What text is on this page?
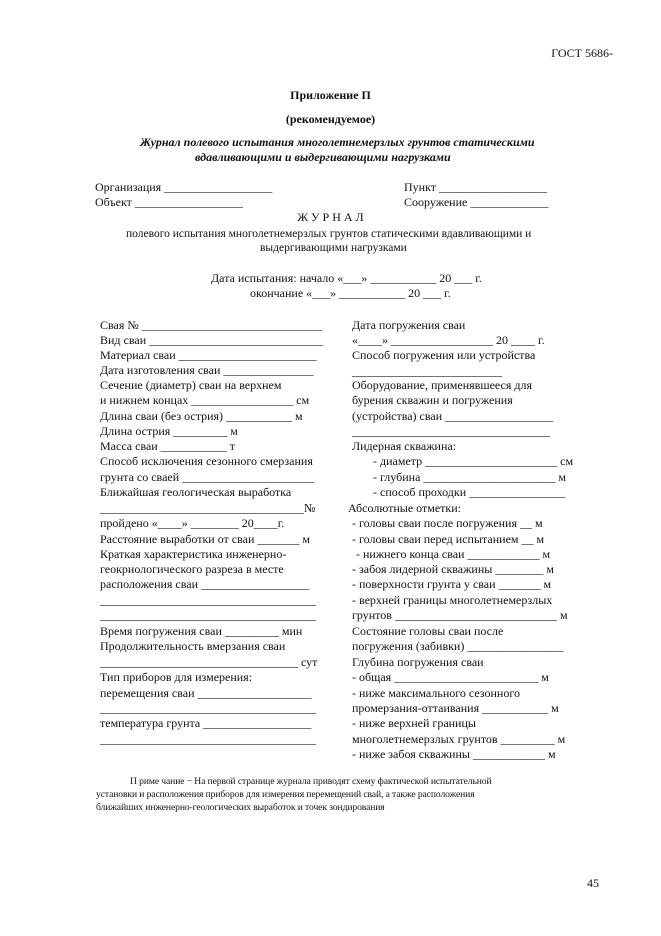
ГОСТ 5686-
Приложение П
(рекомендуемое)
Журнал полевого испытания многолетнемерзлых грунтов статическими
вдавливающими и выдергивающими нагрузками
Организация __________________
Объект __________________
Пункт __________________
Сооружение _____________
Ж У Р Н А Л
полевого испытания многолетнемерзлых грунтов статическими вдавливающими и
выдергивающими нагрузками
Дата испытания: начало «___» ___________ 20 ___ г.
окончание «___» ___________ 20 ___ г.
Свая № ______________________________
Вид сваи _____________________________
Материал сваи _______________________
Дата изготовления сваи _______________
Сечение (диаметр) сваи на верхнем
и нижнем концах _________________ см
Длина сваи (без острия) ___________ м
Длина острия _________ м
Масса сваи ___________ т
Способ исключения сезонного смерзания
грунта со сваей ______________________
Ближайшая геологическая выработка
__________________________________№
пройдено «____» ________ 20____г.
Расстояние выработки от сваи _______ м
Краткая характеристика инженерно-
геокриологического разреза в месте
расположения сваи __________________
____________________________________
____________________________________
Время погружения сваи _________ мин
Продолжительность вмерзания сваи
_________________________________ сут
Тип приборов для измерения:
перемещения сваи ___________________
____________________________________
температура грунта __________________
____________________________________
Дата погружения сваи
«____» _________________ 20 ____ г.
Способ погружения или устройства
_________________________
Оборудование, применявшееся для
бурения скважин и погружения
(устройства) сваи __________________
_________________________________
Лидерная скважина:
- диаметр ______________________ см
- глубина ______________________ м
- способ проходки ________________
Абсолютные отметки:
- головы сваи после погружения __ м
- головы сваи перед испытанием __ м
- нижнего конца сваи ____________ м
- забоя лидерной скважины ________ м
- поверхности грунта у сваи _______ м
- верхней границы многолетнемерзлых
грунтов ___________________________ м
Состояние головы сваи после
погружения (забивки) ________________
Глубина погружения сваи
- общая ________________________ м
- ниже максимального сезонного
промерзания-оттаивания ___________ м
- ниже верхней границы
многолетнемерзлых грунтов _________ м
- ниже забоя скважины ____________ м
П риме чание − На первой странице журнала приводят схему фактической испытательной
установки и расположения приборов для измерения перемещений свай, а также расположения
ближайших инженерно-геологических выработок и точек зондирования
45
